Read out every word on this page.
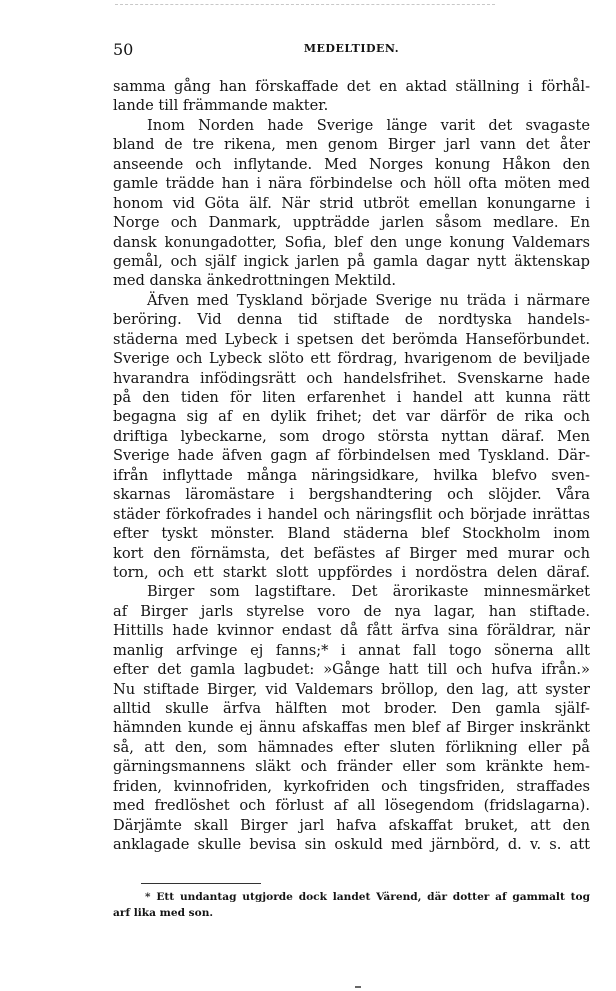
50	MEDELTIDEN.
samma gång han förskaffade det en aktad ställning i förhål-
lande till främmande makter.
Inom Norden hade Sverige länge varit det svagaste
bland de tre rikena, men genom Birger jarl vann det åter
anseende och inflytande. Med Norges konung Håkon den
gamle trädde han i nära förbindelse och höll ofta möten med
honom vid Göta älf. När strid utbröt emellan konungarne i
Norge och Danmark, uppträdde jarlen såsom medlare. En
dansk konungadotter, Sofia, blef den unge konung Valdemars
gemål, och själf ingick jarlen på gamla dagar nytt äktenskap
med danska änkedrottningen Mektild.
Äfven med Tyskland började Sverige nu träda i närmare
beröring. Vid denna tid stiftade de nordtyska handels-
städerna med Lybeck i spetsen det berömda Hanseförbundet.
Sverige och Lybeck slöto ett fördrag, hvarigenom de beviljade
hvarandra infödingsrätt och handelsfrihet. Svenskarne hade
på den tiden för liten erfarenhet i handel att kunna rätt
begagna sig af en dylik frihet; det var därför de rika och
driftiga lybeckarne, som drogo största nyttan däraf. Men
Sverige hade äfven gagn af förbindelsen med Tyskland. Där-
ifrån inflyttade många näringsidkare, hvilka blefvo sven-
skarnas läromästare i bergshandtering och slöjder. Våra
städer förkofrades i handel och näringsflit och började inrättas
efter tyskt mönster. Bland städerna blef Stockholm inom
kort den förnämsta, det befästes af Birger med murar och
torn, och ett starkt slott uppfördes i nordöstra delen däraf.
Birger som lagstiftare. Det ärorikaste minnesmärket
af Birger jarls styrelse voro de nya lagar, han stiftade.
Hittills hade kvinnor endast då fått ärfva sina föräldrar, när
manlig arfvinge ej fanns;* i annat fall togo sönerna allt
efter det gamla lagbudet: »Gånge hatt till och hufva ifrån.»
Nu stiftade Birger, vid Valdemars bröllop, den lag, att syster
alltid skulle ärfva hälften mot broder. Den gamla själf-
hämnden kunde ej ännu afskaffas men blef af Birger inskränkt
så, att den, som hämnades efter sluten förlikning eller på
gärningsmannens släkt och fränder eller som kränkte hem-
friden, kvinnofriden, kyrkofriden och tingsfriden, straffades
med fredlöshet och förlust af all lösegendom (fridslagarna).
Därjämte skall Birger jarl hafva afskaffat bruket, att den
anklagade skulle bevisa sin oskuld med järnbörd, d. v. s. att
* Ett undantag utgjorde dock landet Värend, där dotter af gammalt tog
arf lika med son.
